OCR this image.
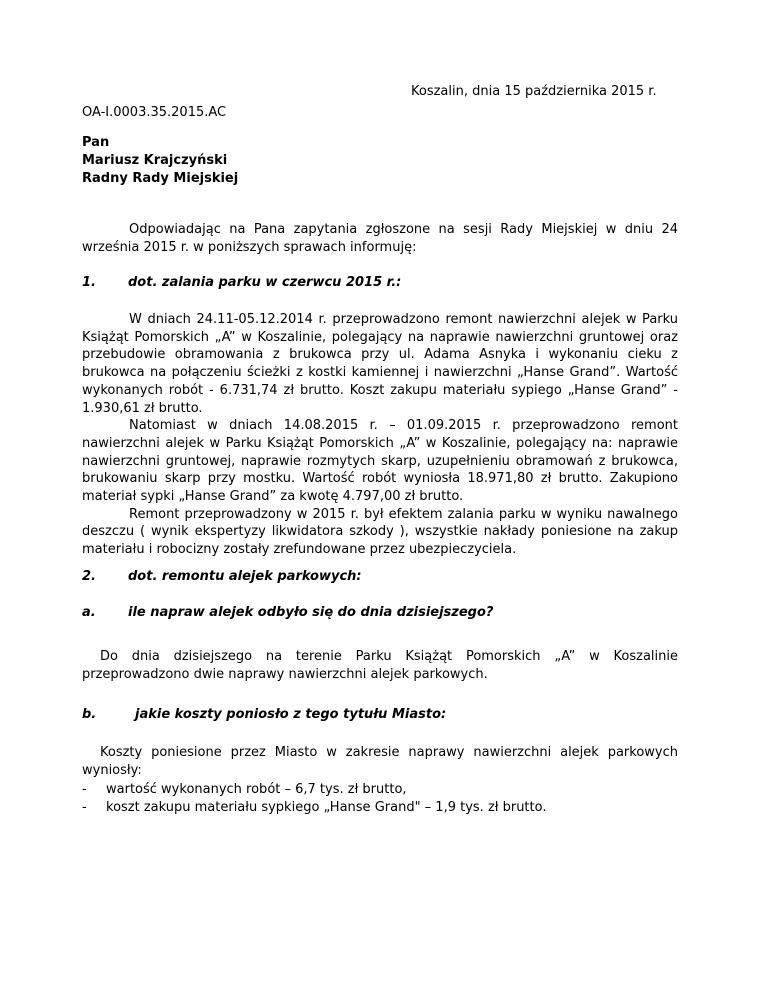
Koszalin, dnia 15 października 2015 r.
OA-I.0003.35.2015.AC
Pan
Mariusz Krajczyński
Radny Rady Miejskiej

Odpowiadając na Pana zapytania zgłoszone na sesji Rady Miejskiej w dniu 24 września 2015 r. w poniższych sprawach informuję:

1. dot. zalania parku w czerwcu 2015 r.:

W dniach 24.11-05.12.2014 r. przeprowadzono remont nawierzchni alejek w Parku Książąt Pomorskich „A” w Koszalinie, polegający na naprawie nawierzchni gruntowej oraz przebudowie obramowania z brukowca przy ul. Adama Asnyka i wykonaniu cieku z brukowca na połączeniu ścieżki z kostki kamiennej i nawierzchni „Hanse Grand”. Wartość wykonanych robót - 6.731,74 zł brutto. Koszt zakupu materiału sypiego „Hanse Grand” - 1.930,61 zł brutto.

Natomiast w dniach 14.08.2015 r. – 01.09.2015 r. przeprowadzono remont nawierzchni alejek w Parku Książąt Pomorskich „A” w Koszalinie, polegający na: naprawie nawierzchni gruntowej, naprawie rozmytych skarp, uzupełnieniu obramowań z brukowca, brukowaniu skarp przy mostku. Wartość robót wyniosła 18.971,80 zł brutto. Zakupiono materiał sypki „Hanse Grand” za kwotę 4.797,00 zł brutto.

Remont przeprowadzony w 2015 r. był efektem zalania parku w wyniku nawalnego deszczu ( wynik ekspertyzy likwidatora szkody ), wszystkie nakłady poniesione na zakup materiału i robocizny zostały zrefundowane przez ubezpieczyciela.

2. dot. remontu alejek parkowych:
a. ile napraw alejek odbyło się do dnia dzisiejszego?

Do dnia dzisiejszego na terenie Parku Książąt Pomorskich „A” w Koszalinie przeprowadzono dwie naprawy nawierzchni alejek parkowych.

b.	jakie koszty poniosło z tego tytułu Miasto:

Koszty poniesione przez Miasto w zakresie naprawy nawierzchni alejek parkowych wyniosły:

- wartość wykonanych robót – 6,7 tys. zł brutto,
- koszt zakupu materiału sypkiego „Hanse Grand" – 1,9 tys. zł brutto.
